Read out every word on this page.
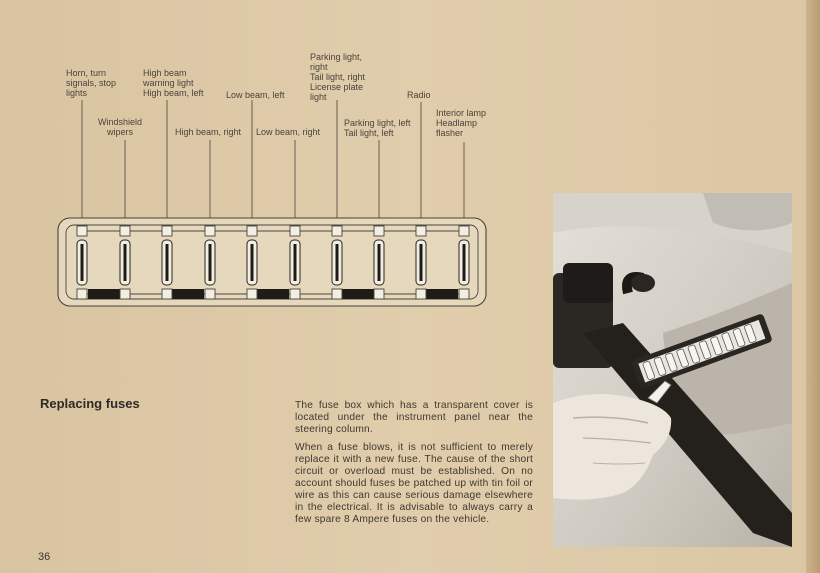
Horn, turn
signals, stop
lights
High beam
warning light
High beam, left Low beam, left
Parking light,
right
Tail light, right
License plate
light	Radio
Windshield
wipers	High beam, right Low beam, right
Parking light, left
Tail light, left
Interior lamp
Headlamp
flasher
Replacing fuses	The fuse box which has a transparent cover is located under the instrument panel near the steering column.

When a fuse blows, it is not sufficient to merely replace it with a new fuse. The cause of the short circuit or overload must be established. On no account should fuses be patched up with tin foil or wire as this can cause serious damage elsewhere in the electrical. It is advisable to always carry a few spare 8 Ampere fuses on the vehicle.

36
